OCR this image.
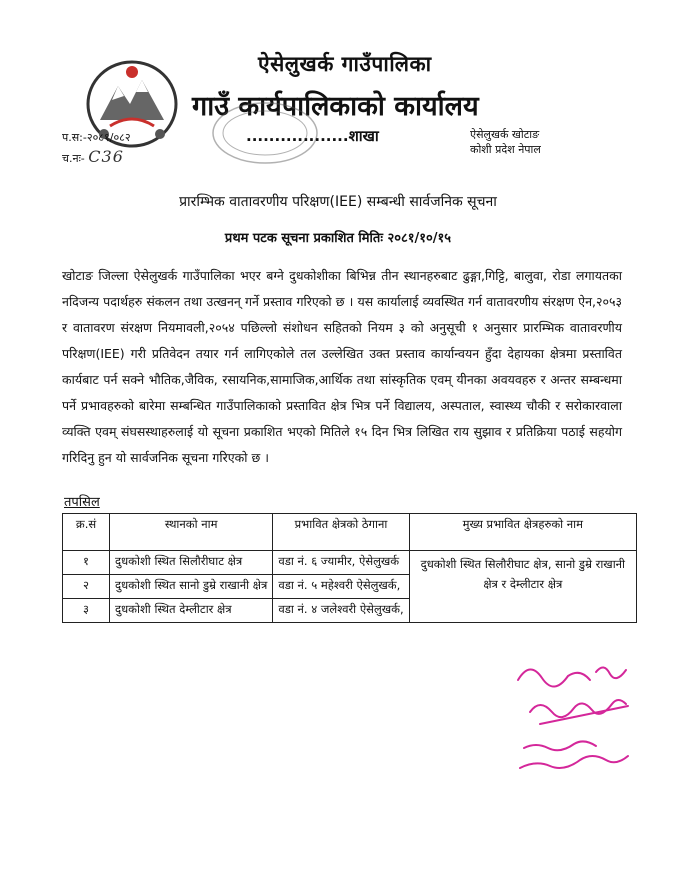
ऐसेलुखर्क गाउँपालिका
गाउँ कार्यपालिकाको कार्यालय
..................शाखा	ऐसेलुखर्क खोटाङ
कोशी प्रदेश नेपाल
प.स:-२०८१/०८२
च.नः- C36
प्रारम्भिक वातावरणीय परिक्षण(IEE) सम्बन्धी सार्वजनिक सूचना
प्रथम पटक सूचना प्रकाशित मितिः २०८१/१०/१५
खोटाङ जिल्ला ऐसेलुखर्क गाउँपालिका भएर बग्ने दुधकोशीका बिभिन्न तीन स्थानहरुबाट ढुङ्गा,गिट्टि, बालुवा, रोडा लगायतका नदिजन्य पदार्थहरु संकलन तथा उत्खनन् गर्ने प्रस्ताव गरिएको छ । यस कार्यालाई व्यवस्थित गर्न वातावरणीय संरक्षण ऐन,२०५३ र वातावरण संरक्षण नियमावली,२०५४ पछिल्लो संशोधन सहितको नियम ३ को अनुसूची १ अनुसार प्रारम्भिक वातावरणीय परिक्षण(IEE) गरी प्रतिवेदन तयार गर्न लागिएकोले तल उल्लेखित उक्त प्रस्ताव कार्यान्वयन हुँदा देहायका क्षेत्रमा प्रस्तावित कार्यबाट पर्न सक्ने भौतिक,जैविक, रसायनिक,सामाजिक,आर्थिक तथा सांस्कृतिक एवम् यीनका अवयवहरु र अन्तर सम्बन्धमा पर्ने प्रभावहरुको बारेमा सम्बन्धित गाउँपालिकाको प्रस्तावित क्षेत्र भित्र पर्ने विद्यालय, अस्पताल, स्वास्थ्य चौकी र सरोकारवाला व्यक्ति एवम् संघसस्थाहरुलाई यो सूचना प्रकाशित भएको मितिले १५ दिन भित्र लिखित राय सुझाव र प्रतिक्रिया पठाई सहयोग गरिदिनु हुन यो सार्वजनिक सूचना गरिएको छ ।
तपसिल
क्र.सं	स्थानको नाम	प्रभावित क्षेत्रको ठेगाना	मुख्य प्रभावित क्षेत्रहरुको नाम
१	दुधकोशी स्थित सिलौरीघाट क्षेत्र	वडा नं. ६ ज्यामीर, ऐसेलुखर्क	दुधकोशी स्थित सिलौरीघाट क्षेत्र, सानो डुम्रे राखानी क्षेत्र र देम्लीटार क्षेत्र
२	दुधकोशी स्थित सानो डुम्रे राखानी क्षेत्र	वडा नं. ५ महेश्वरी ऐसेलुखर्क,	
३	दुधकोशी स्थित देम्लीटार क्षेत्र	वडा नं. ४ जलेश्वरी ऐसेलुखर्क,	
